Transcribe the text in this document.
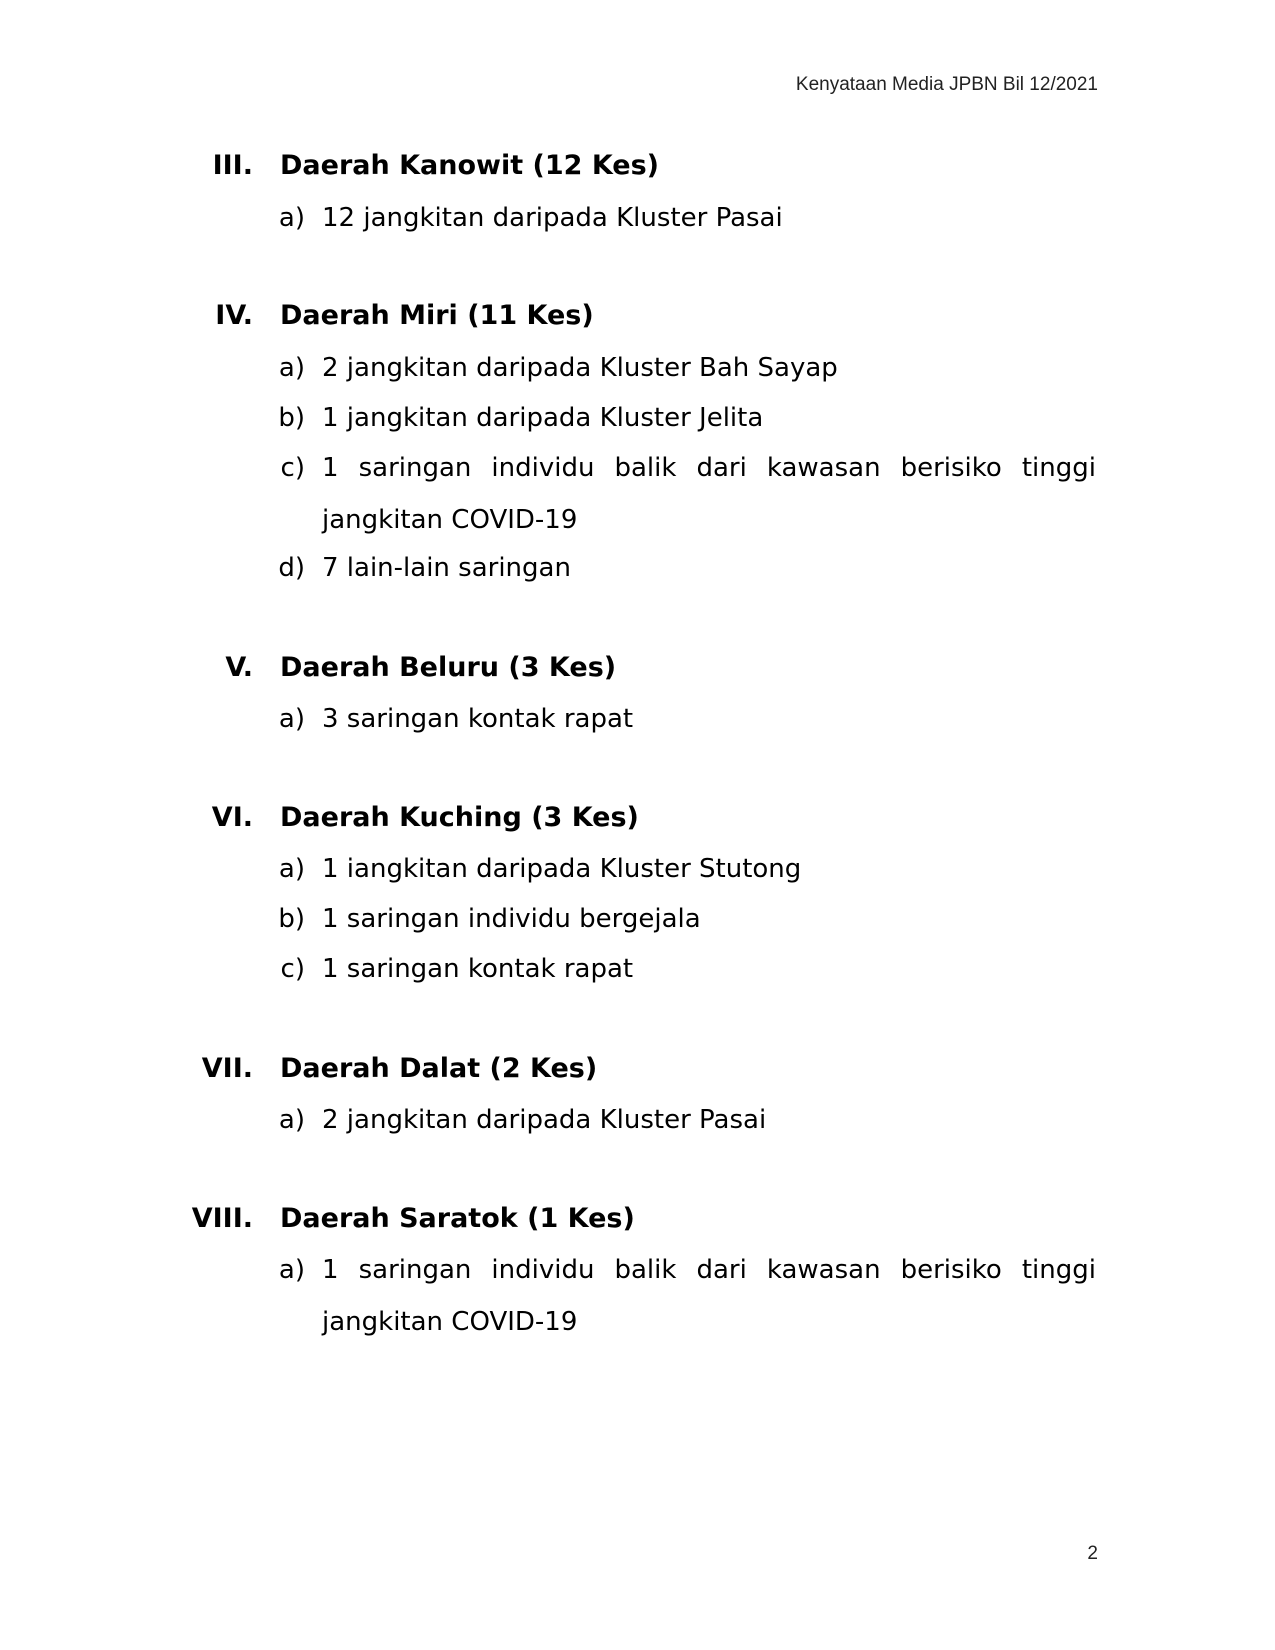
Kenyataan Media JPBN Bil 12/2021
III. Daerah Kanowit (12 Kes)
a) 12 jangkitan daripada Kluster Pasai
IV. Daerah Miri (11 Kes)
a) 2 jangkitan daripada Kluster Bah Sayap
b) 1 jangkitan daripada Kluster Jelita
c) 1 saringan individu balik dari kawasan berisiko tinggi
jangkitan COVID-19
d) 7 lain-lain saringan
V. Daerah Beluru (3 Kes)
a) 3 saringan kontak rapat
VI. Daerah Kuching (3 Kes)
a) 1 iangkitan daripada Kluster Stutong
b) 1 saringan individu bergejala
c) 1 saringan kontak rapat
VII. Daerah Dalat (2 Kes)
a) 2 jangkitan daripada Kluster Pasai
VIII. Daerah Saratok (1 Kes)
a) 1 saringan individu balik dari kawasan berisiko tinggi
jangkitan COVID-19
2
